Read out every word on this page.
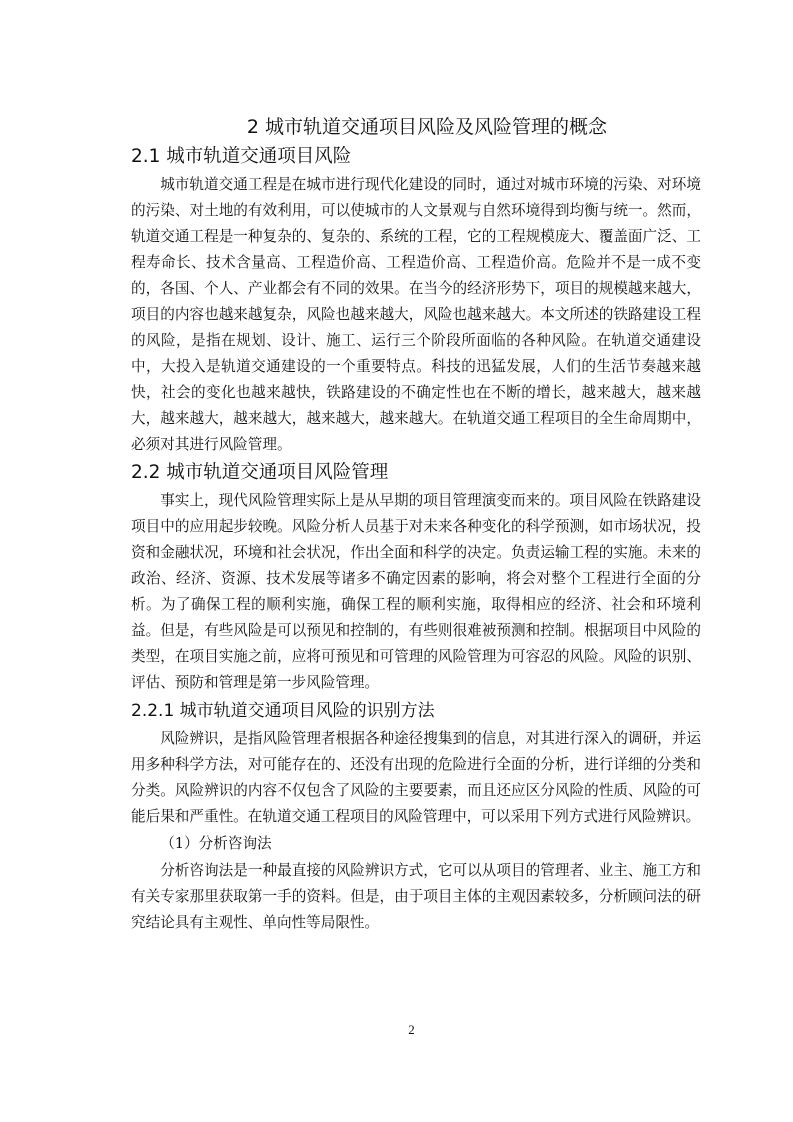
2 城市轨道交通项目风险及风险管理的概念
2.1 城市轨道交通项目风险

城市轨道交通工程是在城市进行现代化建设的同时，通过对城市环境的污染、对环境的污染、对土地的有效利用，可以使城市的人文景观与自然环境得到均衡与统一。然而，轨道交通工程是一种复杂的、复杂的、系统的工程，它的工程规模庞大、覆盖面广泛、工程寿命长、技术含量高、工程造价高、工程造价高、工程造价高。危险并不是一成不变的，各国、个人、产业都会有不同的效果。在当今的经济形势下，项目的规模越来越大，项目的内容也越来越复杂，风险也越来越大，风险也越来越大。本文所述的铁路建设工程的风险，是指在规划、设计、施工、运行三个阶段所面临的各种风险。在轨道交通建设中，大投入是轨道交通建设的一个重要特点。科技的迅猛发展，人们的生活节奏越来越快，社会的变化也越来越快，铁路建设的不确定性也在不断的增长，越来越大，越来越大，越来越大，越来越大，越来越大，越来越大。在轨道交通工程项目的全生命周期中，必须对其进行风险管理。

2.2 城市轨道交通项目风险管理

事实上，现代风险管理实际上是从早期的项目管理演变而来的。项目风险在铁路建设项目中的应用起步较晚。风险分析人员基于对未来各种变化的科学预测，如市场状况，投资和金融状况，环境和社会状况，作出全面和科学的决定。负责运输工程的实施。未来的政治、经济、资源、技术发展等诸多不确定因素的影响，将会对整个工程进行全面的分析。为了确保工程的顺利实施，确保工程的顺利实施，取得相应的经济、社会和环境利益。但是，有些风险是可以预见和控制的，有些则很难被预测和控制。根据项目中风险的类型，在项目实施之前，应将可预见和可管理的风险管理为可容忍的风险。风险的识别、评估、预防和管理是第一步风险管理。

2.2.1 城市轨道交通项目风险的识别方法

风险辨识，是指风险管理者根据各种途径搜集到的信息，对其进行深入的调研，并运用多种科学方法，对可能存在的、还没有出现的危险进行全面的分析，进行详细的分类和分类。风险辨识的内容不仅包含了风险的主要要素，而且还应区分风险的性质、风险的可能后果和严重性。在轨道交通工程项目的风险管理中，可以采用下列方式进行风险辨识。

（1）分析咨询法

分析咨询法是一种最直接的风险辨识方式，它可以从项目的管理者、业主、施工方和有关专家那里获取第一手的资料。但是，由于项目主体的主观因素较多，分析顾问法的研究结论具有主观性、单向性等局限性。

2
